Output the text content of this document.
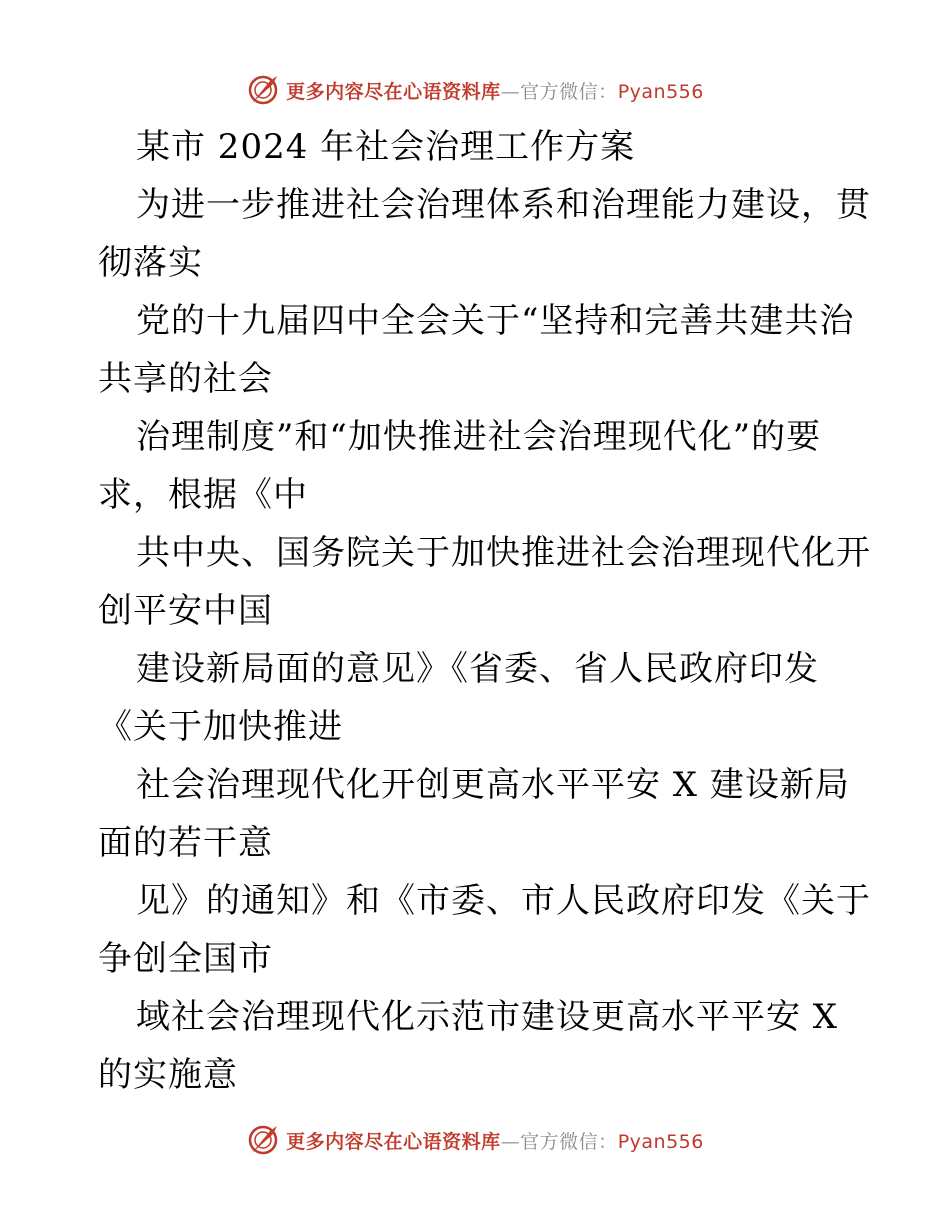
更多内容尽在心语资料库—官方微信：Pyan556
某市 2024 年社会治理工作方案
为进一步推进社会治理体系和治理能力建设，贯
彻落实
党的十九届四中全会关于“坚持和完善共建共治
共享的社会
治理制度”和“加快推进社会治理现代化”的要
求，根据《中
共中央、国务院关于加快推进社会治理现代化开
创平安中国
建设新局面的意见》《省委、省人民政府印发
《关于加快推进
社会治理现代化开创更高水平平安 X 建设新局
面的若干意
见》的通知》和《市委、市人民政府印发《关于
争创全国市
域社会治理现代化示范市建设更高水平平安 X
的实施意
更多内容尽在心语资料库—官方微信：Pyan556
